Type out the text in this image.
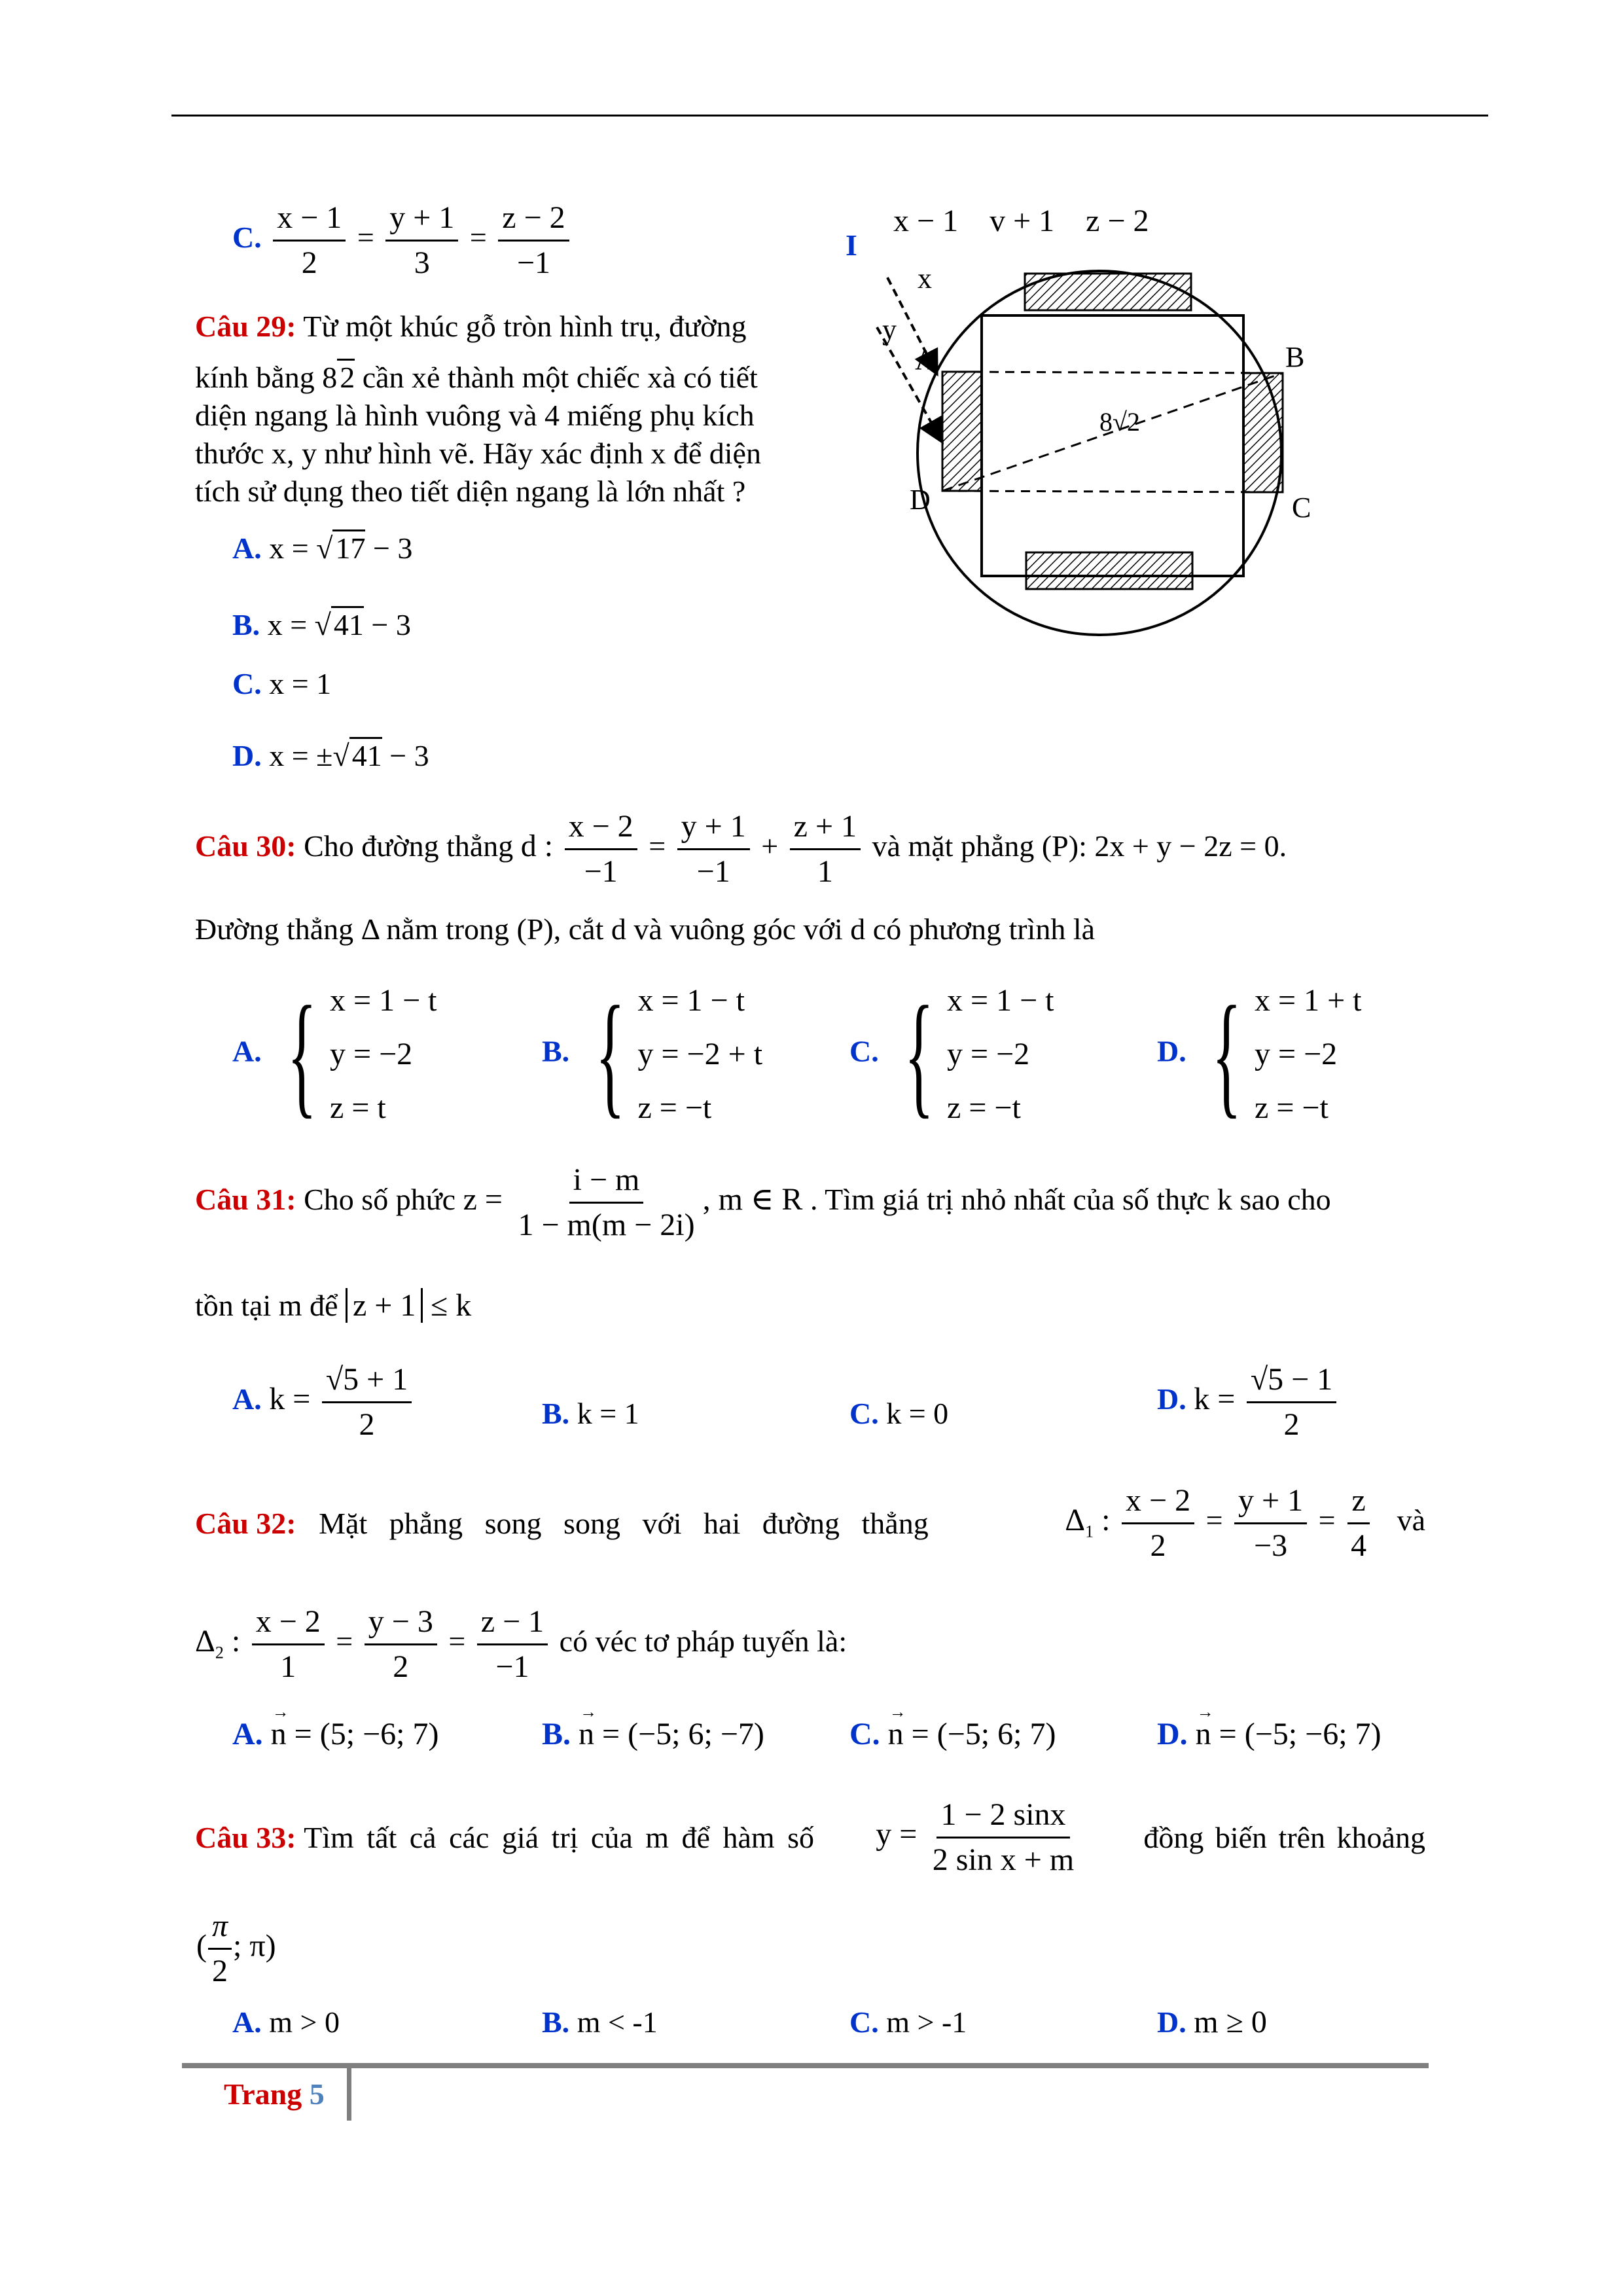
C. $\frac{x - 1}{2} = \frac{y + 1}{3} = \frac{z - 2}{-1}$	I
x − 1    v + 1    z − 2
Câu 29: Từ một khúc gỗ tròn hình trụ, đường
kính bằng 82 cần xẻ thành một chiếc xà có tiết
diện ngang là hình vuông và 4 miếng phụ kích
thước x, y như hình vẽ. Hãy xác định x để diện
tích sử dụng theo tiết diện ngang là lớn nhất ?
A. x = √17 − 3
B. x = √41 − 3
C. x = 1
D. x = ±√41 − 3
x
y
A	B
C
D
8√2
Câu 30: Cho đường thẳng d : $\frac{x - 2}{-1} = \frac{y + 1}{-1} + \frac{z + 1}{1}$ và mặt phẳng (P): 2x + y − 2z = 0.
Đường thẳng Δ nằm trong (P), cắt d và vuông góc với d có phương trình là
A. { x = 1 − t
y = −2
z = t
B. { x = 1 − t
y = −2 + t
z = −t
C. { x = 1 − t
y = −2
z = −t
D. { x = 1 + t
y = −2
z = −t
Câu 31: Cho số phức $z = \frac{i - m}{1 - m(m - 2i)}$ , m ∈ R . Tìm giá trị nhỏ nhất của số thực k sao cho
tồn tại m để z + 1 ≤ k
A. $k = \frac{√5 + 1}{2}$	B. k = 1	C. k = 0	D. $k = \frac{√5 - 1}{2}$
Câu 32: Mặt phẳng song song với hai đường thẳng	$\Delta_1$ : $\frac{x - 2}{2} = \frac{y + 1}{-3} = \frac{z}{4}$ và
$\Delta_2$ : $\frac{x - 2}{1} = \frac{y - 3}{2} = \frac{z - 1}{-1}$ có véc tơ pháp tuyến là:
A. → n = (5; −6; 7)	B. → n = (−5; 6; −7)	C. → n = (−5; 6; 7)	D. → n = (−5; −6; 7)
Câu 33: Tìm tất cả các giá trị của m để hàm số $y = \frac{1 - 2 \sin x}{\text{2 sin x + m}}$ đồng biến trên khoảng
( $\frac{\pi}{2}$ ; π)
A. m > 0	B. m < -1	C. m > -1	D. m ≥ 0
Trang 5
